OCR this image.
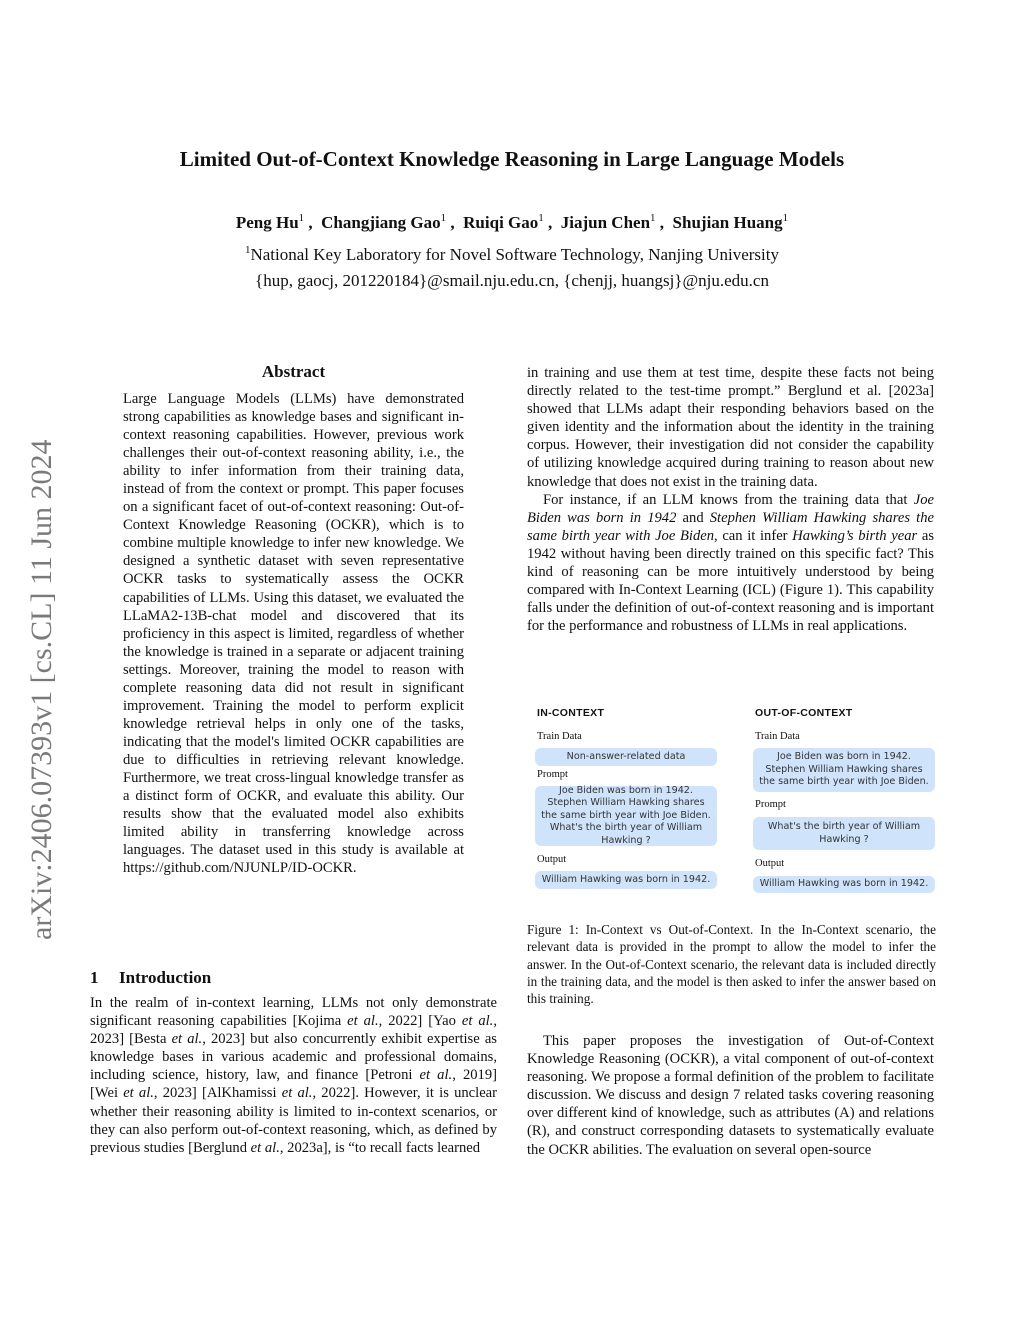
arXiv:2406.07393v1 [cs.CL] 11 Jun 2024
Limited Out-of-Context Knowledge Reasoning in Large Language Models
Peng Hu$^1$ ,  Changjiang Gao$^1$ ,  Ruiqi Gao$^1$ ,  Jiajun Chen$^1$ ,  Shujian Huang$^1$
$^1$National Key Laboratory for Novel Software Technology, Nanjing University
{hup, gaocj, 201220184}@smail.nju.edu.cn, {chenjj, huangsj}@nju.edu.cn
Abstract
Large Language Models (LLMs) have demonstrated strong capabilities as knowledge bases and significant in-context reasoning capabilities. However, previous work challenges their out-of-context reasoning ability, i.e., the ability to infer information from their training data, instead of from the context or prompt. This paper focuses on a significant facet of out-of-context reasoning: Out-of-Context Knowledge Reasoning (OCKR), which is to combine multiple knowledge to infer new knowledge. We designed a synthetic dataset with seven representative OCKR tasks to systematically assess the OCKR capabilities of LLMs. Using this dataset, we evaluated the LLaMA2-13B-chat model and discovered that its proficiency in this aspect is limited, regardless of whether the knowledge is trained in a separate or adjacent training settings. Moreover, training the model to reason with complete reasoning data did not result in significant improvement. Training the model to perform explicit knowledge retrieval helps in only one of the tasks, indicating that the model's limited OCKR capabilities are due to difficulties in retrieving relevant knowledge. Furthermore, we treat cross-lingual knowledge transfer as a distinct form of OCKR, and evaluate this ability. Our results show that the evaluated model also exhibits limited ability in transferring knowledge across languages. The dataset used in this study is available at https://github.com/NJUNLP/ID-OCKR.
1 Introduction

In the realm of in-context learning, LLMs not only demonstrate significant reasoning capabilities [Kojima et al., 2022] [Yao et al., 2023] [Besta et al., 2023] but also concurrently exhibit expertise as knowledge bases in various academic and professional domains, including science, history, law, and finance [Petroni et al., 2019] [Wei et al., 2023] [AlKhamissi et al., 2022]. However, it is unclear whether their reasoning ability is limited to in-context scenarios, or they can also perform out-of-context reasoning, which, as defined by previous studies [Berglund et al., 2023a], is “to recall facts learned

in training and use them at test time, despite these facts not being directly related to the test-time prompt.” Berglund et al. [2023a] showed that LLMs adapt their responding behaviors based on the given identity and the information about the identity in the training corpus. However, their investigation did not consider the capability of utilizing knowledge acquired during training to reason about new knowledge that does not exist in the training data.

For instance, if an LLM knows from the training data that Joe Biden was born in 1942 and Stephen William Hawking shares the same birth year with Joe Biden, can it infer Hawking’s birth year as 1942 without having been directly trained on this specific fact? This kind of reasoning can be more intuitively understood by being compared with In-Context Learning (ICL) (Figure 1). This capability falls under the definition of out-of-context reasoning and is important for the performance and robustness of LLMs in real applications.

IN-CONTEXT
Train Data
Non-answer-related data
Prompt
Joe Biden was born in 1942. Stephen William Hawking shares the same birth year with Joe Biden. What's the birth year of William Hawking ?
Output
William Hawking was born in 1942.
OUT-OF-CONTEXT
Train Data
Joe Biden was born in 1942. Stephen William Hawking shares the same birth year with Joe Biden.
Prompt
What's the birth year of William Hawking ?
Output
William Hawking was born in 1942.
Figure 1: In-Context vs Out-of-Context. In the In-Context scenario, the relevant data is provided in the prompt to allow the model to infer the answer. In the Out-of-Context scenario, the relevant data is included directly in the training data, and the model is then asked to infer the answer based on this training.

This paper proposes the investigation of Out-of-Context Knowledge Reasoning (OCKR), a vital component of out-of-context reasoning. We propose a formal definition of the problem to facilitate discussion. We discuss and design 7 related tasks covering reasoning over different kind of knowledge, such as attributes (A) and relations (R), and construct corresponding datasets to systematically evaluate the OCKR abilities. The evaluation on several open-source
